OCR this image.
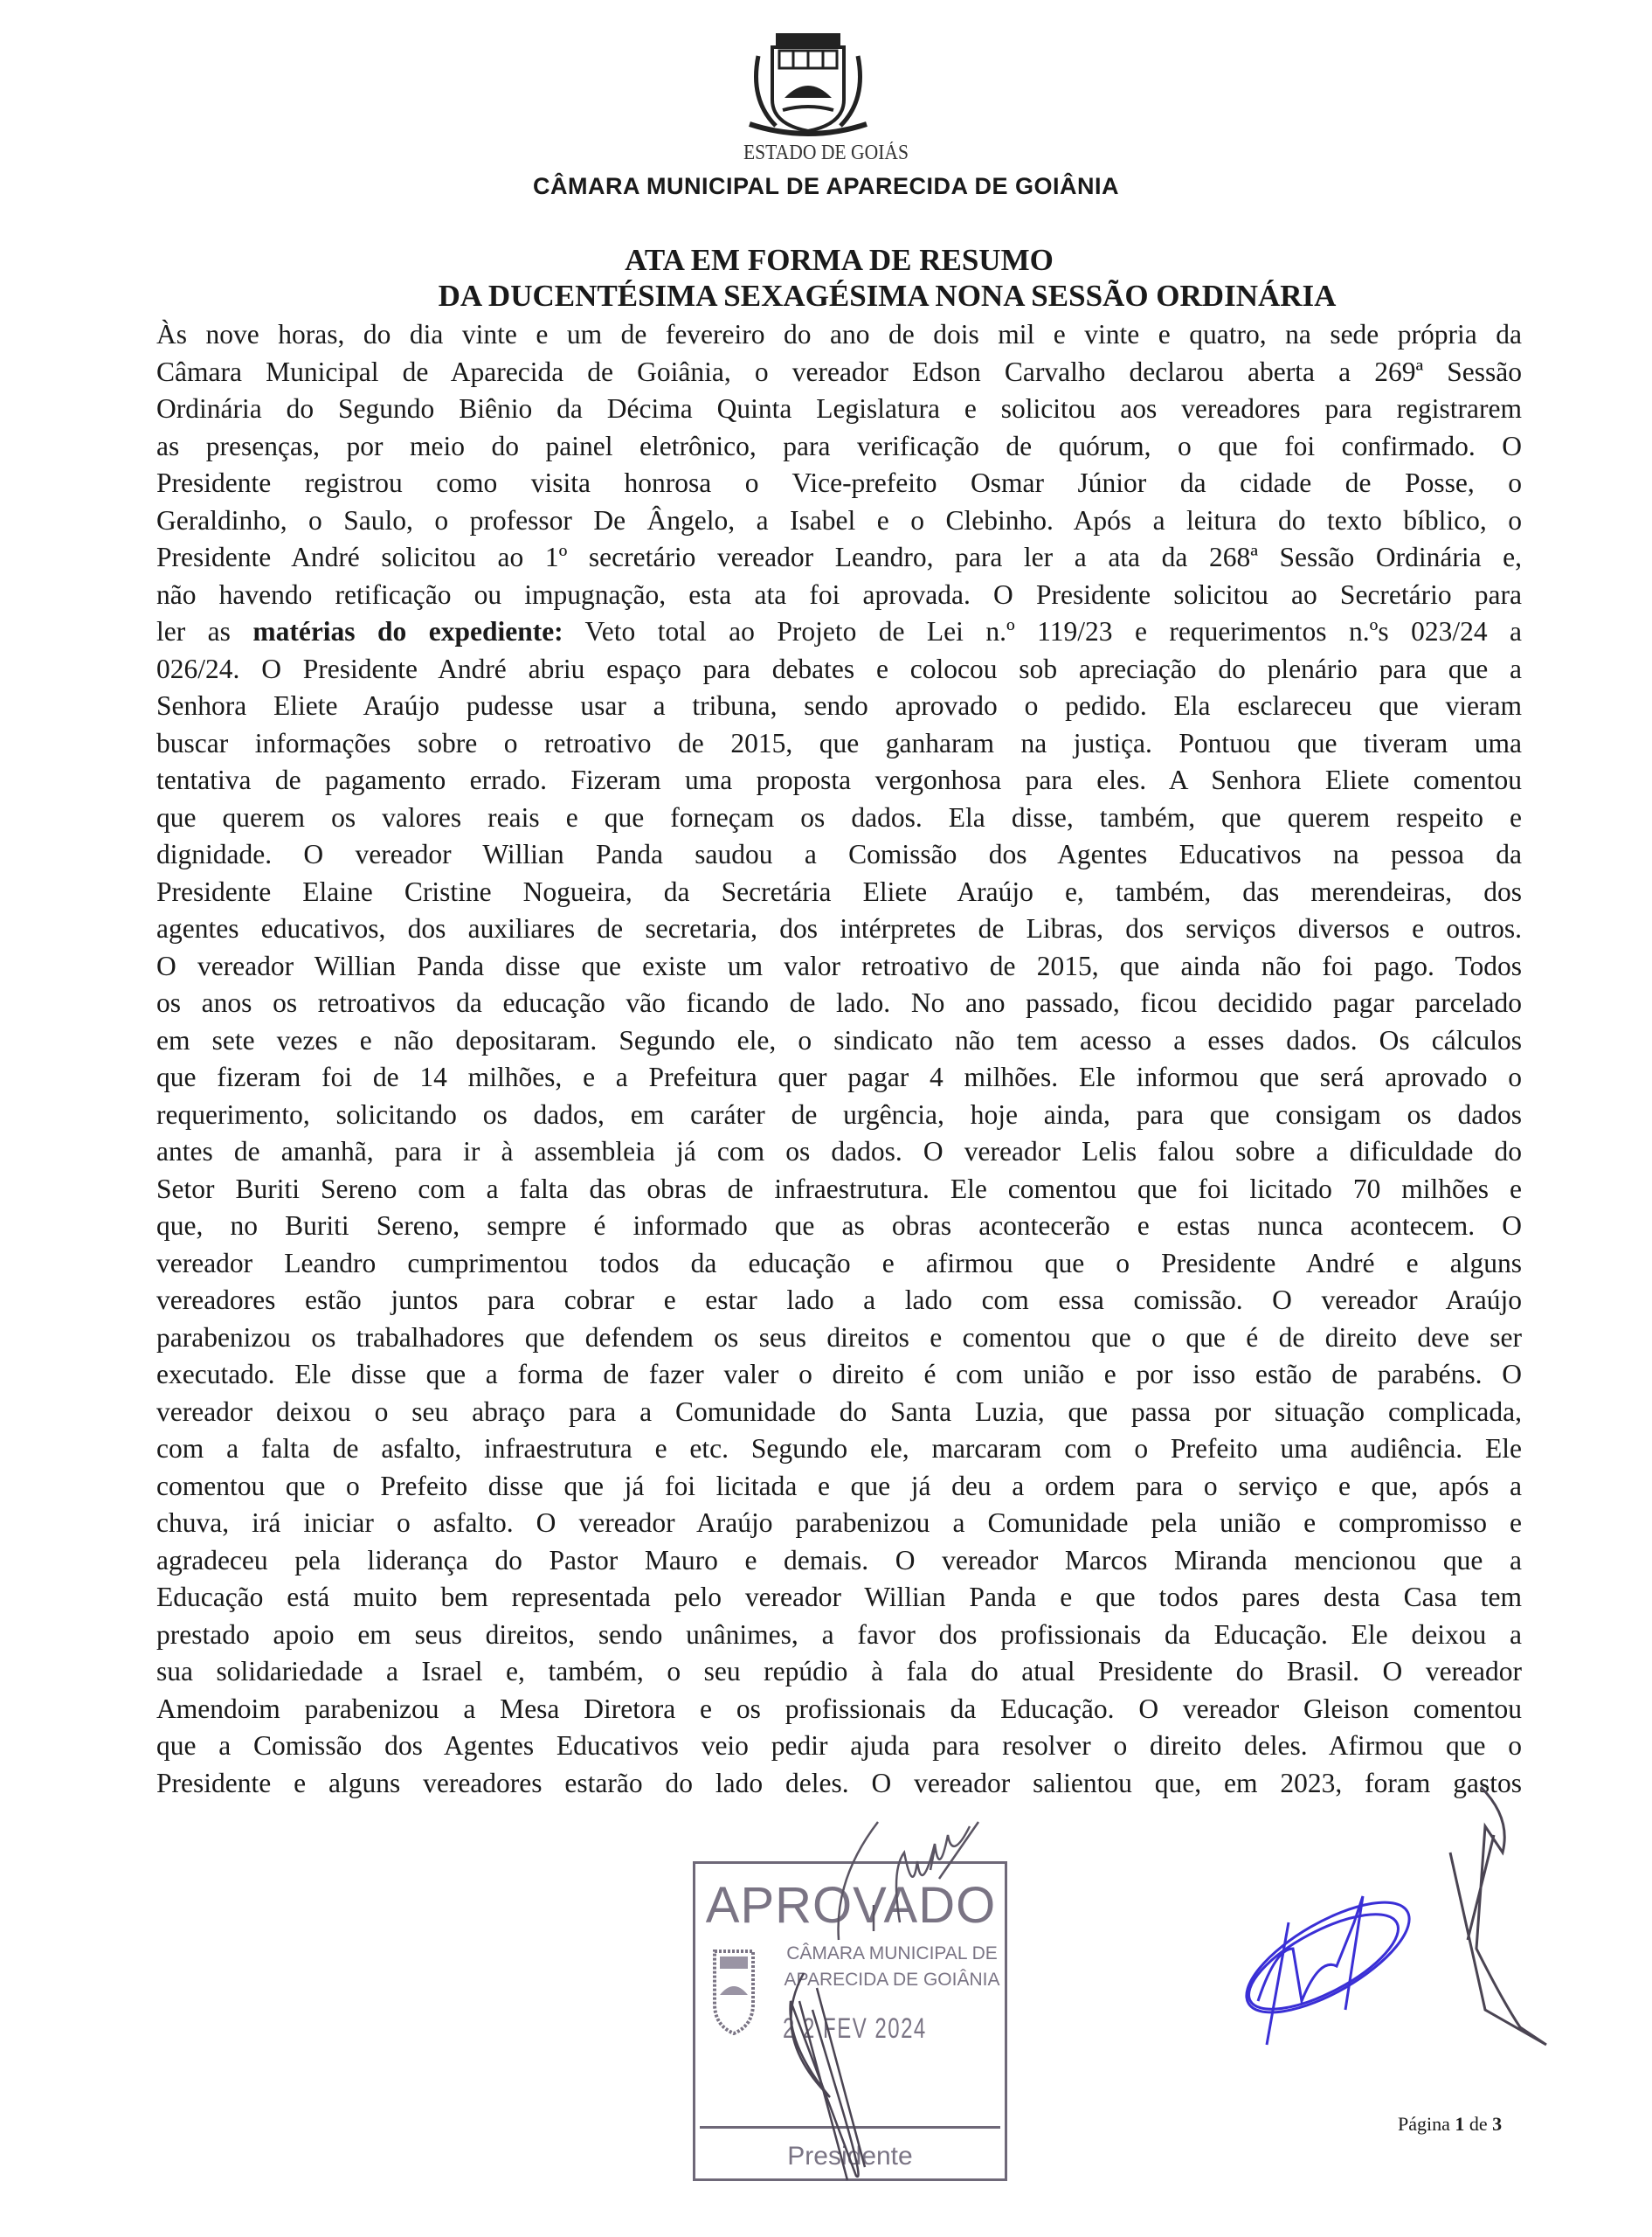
ESTADO DE GOIÁS
CÂMARA MUNICIPAL DE APARECIDA DE GOIÂNIA
ATA EM FORMA DE RESUMO
DA DUCENTÉSIMA SEXAGÉSIMA NONA SESSÃO ORDINÁRIA
Às nove horas, do dia vinte e um de fevereiro do ano de dois mil e vinte e quatro, na sede própria da
Câmara Municipal de Aparecida de Goiânia, o vereador Edson Carvalho declarou aberta a 269ª Sessão
Ordinária do Segundo Biênio da Décima Quinta Legislatura e solicitou aos vereadores para registrarem
as presenças, por meio do painel eletrônico, para verificação de quórum, o que foi confirmado. O
Presidente registrou como visita honrosa o Vice-prefeito Osmar Júnior da cidade de Posse, o
Geraldinho, o Saulo, o professor De Ângelo, a Isabel e o Clebinho. Após a leitura do texto bíblico, o
Presidente André solicitou ao 1º secretário vereador Leandro, para ler a ata da 268ª Sessão Ordinária e,
não havendo retificação ou impugnação, esta ata foi aprovada. O Presidente solicitou ao Secretário para
ler as matérias do expediente: Veto total ao Projeto de Lei n.º 119/23 e requerimentos n.ºs 023/24 a
026/24. O Presidente André abriu espaço para debates e colocou sob apreciação do plenário para que a
Senhora Eliete Araújo pudesse usar a tribuna, sendo aprovado o pedido. Ela esclareceu que vieram
buscar informações sobre o retroativo de 2015, que ganharam na justiça. Pontuou que tiveram uma
tentativa de pagamento errado. Fizeram uma proposta vergonhosa para eles. A Senhora Eliete comentou
que querem os valores reais e que forneçam os dados. Ela disse, também, que querem respeito e
dignidade. O vereador Willian Panda saudou a Comissão dos Agentes Educativos na pessoa da
Presidente Elaine Cristine Nogueira, da Secretária Eliete Araújo e, também, das merendeiras, dos
agentes educativos, dos auxiliares de secretaria, dos intérpretes de Libras, dos serviços diversos e outros.
O vereador Willian Panda disse que existe um valor retroativo de 2015, que ainda não foi pago. Todos
os anos os retroativos da educação vão ficando de lado. No ano passado, ficou decidido pagar parcelado
em sete vezes e não depositaram. Segundo ele, o sindicato não tem acesso a esses dados. Os cálculos
que fizeram foi de 14 milhões, e a Prefeitura quer pagar 4 milhões. Ele informou que será aprovado o
requerimento, solicitando os dados, em caráter de urgência, hoje ainda, para que consigam os dados
antes de amanhã, para ir à assembleia já com os dados. O vereador Lelis falou sobre a dificuldade do
Setor Buriti Sereno com a falta das obras de infraestrutura. Ele comentou que foi licitado 70 milhões e
que, no Buriti Sereno, sempre é informado que as obras acontecerão e estas nunca acontecem. O
vereador Leandro cumprimentou todos da educação e afirmou que o Presidente André e alguns
vereadores estão juntos para cobrar e estar lado a lado com essa comissão. O vereador Araújo
parabenizou os trabalhadores que defendem os seus direitos e comentou que o que é de direito deve ser
executado. Ele disse que a forma de fazer valer o direito é com união e por isso estão de parabéns. O
vereador deixou o seu abraço para a Comunidade do Santa Luzia, que passa por situação complicada,
com a falta de asfalto, infraestrutura e etc. Segundo ele, marcaram com o Prefeito uma audiência. Ele
comentou que o Prefeito disse que já foi licitada e que já deu a ordem para o serviço e que, após a
chuva, irá iniciar o asfalto. O vereador Araújo parabenizou a Comunidade pela união e compromisso e
agradeceu pela liderança do Pastor Mauro e demais. O vereador Marcos Miranda mencionou que a
Educação está muito bem representada pelo vereador Willian Panda e que todos pares desta Casa tem
prestado apoio em seus direitos, sendo unânimes, a favor dos profissionais da Educação. Ele deixou a
sua solidariedade a Israel e, também, o seu repúdio à fala do atual Presidente do Brasil. O vereador
Amendoim parabenizou a Mesa Diretora e os profissionais da Educação. O vereador Gleison comentou
que a Comissão dos Agentes Educativos veio pedir ajuda para resolver o direito deles. Afirmou que o
Presidente e alguns vereadores estarão do lado deles. O vereador salientou que, em 2023, foram gastos
APROVADO
CÂMARA MUNICIPAL DE
APARECIDA DE GOIÂNIA
2 2 FEV 2024
Presidente
Página 1 de 3
